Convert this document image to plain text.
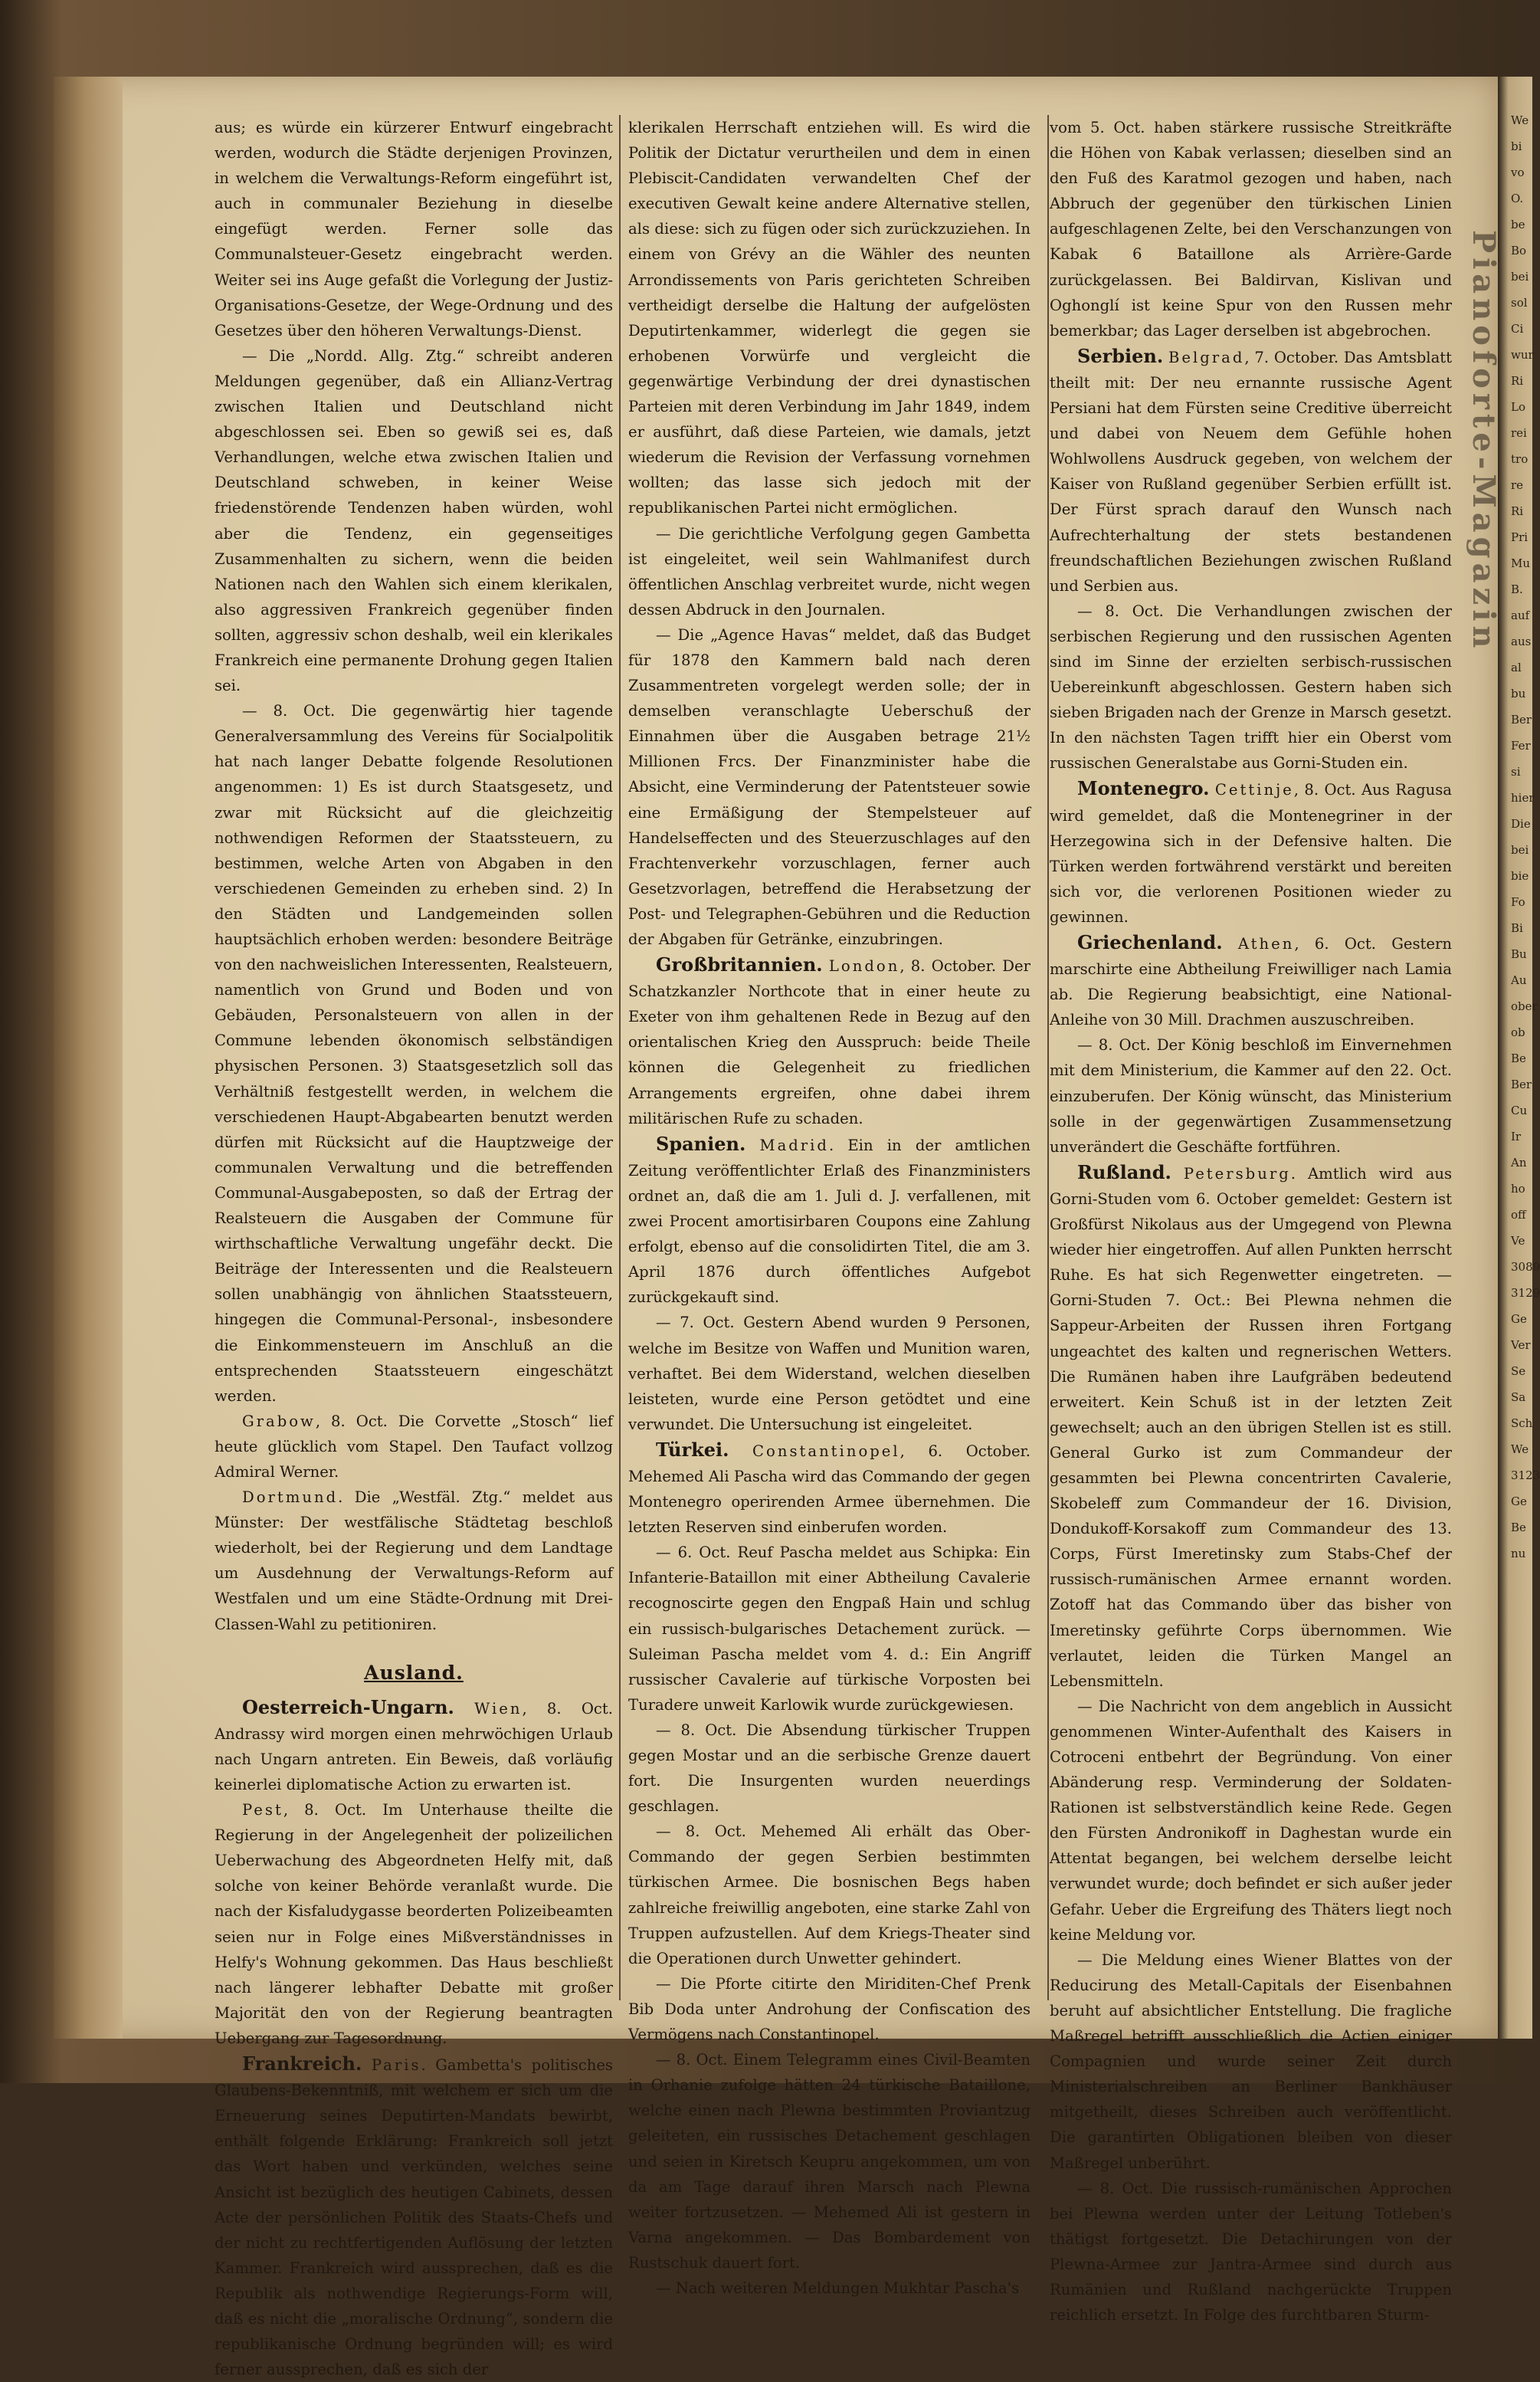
Pianoforte-Magazin

aus; es würde ein kürzerer Entwurf eingebracht werden, wodurch die Städte derjenigen Provinzen, in welchem die Verwaltungs-Reform eingeführt ist, auch in communaler Beziehung in dieselbe eingefügt werden. Ferner solle das Communalsteuer-Gesetz eingebracht werden. Weiter sei ins Auge gefaßt die Vorlegung der Justiz-Organisations-Gesetze, der Wege-Ordnung und des Gesetzes über den höheren Verwaltungs-Dienst.

— Die „Nordd. Allg. Ztg.“ schreibt anderen Meldungen gegenüber, daß ein Allianz-Vertrag zwischen Italien und Deutschland nicht abgeschlossen sei. Eben so gewiß sei es, daß Verhandlungen, welche etwa zwischen Italien und Deutschland schweben, in keiner Weise friedenstörende Tendenzen haben würden, wohl aber die Tendenz, ein gegenseitiges Zusammenhalten zu sichern, wenn die beiden Nationen nach den Wahlen sich einem klerikalen, also aggressiven Frankreich gegenüber finden sollten, aggressiv schon deshalb, weil ein klerikales Frankreich eine permanente Drohung gegen Italien sei.

— 8. Oct. Die gegenwärtig hier tagende Generalversammlung des Vereins für Socialpolitik hat nach langer Debatte folgende Resolutionen angenommen: 1) Es ist durch Staatsgesetz, und zwar mit Rücksicht auf die gleichzeitig nothwendigen Reformen der Staatssteuern, zu bestimmen, welche Arten von Abgaben in den verschiedenen Gemeinden zu erheben sind. 2) In den Städten und Landgemeinden sollen hauptsächlich erhoben werden: besondere Beiträge von den nachweislichen Interessenten, Realsteuern, namentlich von Grund und Boden und von Gebäuden, Personalsteuern von allen in der Commune lebenden ökonomisch selbständigen physischen Personen. 3) Staatsgesetzlich soll das Verhältniß festgestellt werden, in welchem die verschiedenen Haupt-Abgabearten benutzt werden dürfen mit Rücksicht auf die Hauptzweige der communalen Verwaltung und die betreffenden Communal-Ausgabeposten, so daß der Ertrag der Realsteuern die Ausgaben der Commune für wirthschaftliche Verwaltung ungefähr deckt. Die Beiträge der Interessenten und die Realsteuern sollen unabhängig von ähnlichen Staatssteuern, hingegen die Communal-Personal-, insbesondere die Einkommensteuern im Anschluß an die entsprechenden Staatssteuern eingeschätzt werden.

Grabow, 8. Oct. Die Corvette „Stosch“ lief heute glücklich vom Stapel. Den Taufact vollzog Admiral Werner.

Dortmund. Die „Westfäl. Ztg.“ meldet aus Münster: Der westfälische Städtetag beschloß wiederholt, bei der Regierung und dem Landtage um Ausdehnung der Verwaltungs-Reform auf Westfalen und um eine Städte-Ordnung mit Drei-Classen-Wahl zu petitioniren.

Ausland.

Oesterreich-Ungarn. Wien, 8. Oct. Andrassy wird morgen einen mehrwöchigen Urlaub nach Ungarn antreten. Ein Beweis, daß vorläufig keinerlei diplomatische Action zu erwarten ist.

Pest, 8. Oct. Im Unterhause theilte die Regierung in der Angelegenheit der polizeilichen Ueberwachung des Abgeordneten Helfy mit, daß solche von keiner Behörde veranlaßt wurde. Die nach der Kisfaludygasse beorderten Polizeibeamten seien nur in Folge eines Mißverständnisses in Helfy's Wohnung gekommen. Das Haus beschließt nach längerer lebhafter Debatte mit großer Majorität den von der Regierung beantragten Uebergang zur Tagesordnung.

Frankreich. Paris. Gambetta's politisches Glaubens-Bekenntniß, mit welchem er sich um die Erneuerung seines Deputirten-Mandats bewirbt, enthält folgende Erklärung: Frankreich soll jetzt das Wort haben und verkünden, welches seine Ansicht ist bezüglich des heutigen Cabinets, dessen Acte der persönlichen Politik des Staats-Chefs und der nicht zu rechtfertigenden Auflösung der letzten Kammer. Frankreich wird aussprechen, daß es die Republik als nothwendige Regierungs-Form will, daß es nicht die „moralische Ordnung“, sondern die republikanische Ordnung begründen will; es wird ferner aussprechen, daß es sich der

klerikalen Herrschaft entziehen will. Es wird die Politik der Dictatur verurtheilen und dem in einen Plebiscit-Candidaten verwandelten Chef der executiven Gewalt keine andere Alternative stellen, als diese: sich zu fügen oder sich zurückzuziehen. In einem von Grévy an die Wähler des neunten Arrondissements von Paris gerichteten Schreiben vertheidigt derselbe die Haltung der aufgelösten Deputirtenkammer, widerlegt die gegen sie erhobenen Vorwürfe und vergleicht die gegenwärtige Verbindung der drei dynastischen Parteien mit deren Verbindung im Jahr 1849, indem er ausführt, daß diese Parteien, wie damals, jetzt wiederum die Revision der Verfassung vornehmen wollten; das lasse sich jedoch mit der republikanischen Partei nicht ermöglichen.

— Die gerichtliche Verfolgung gegen Gambetta ist eingeleitet, weil sein Wahlmanifest durch öffentlichen Anschlag verbreitet wurde, nicht wegen dessen Abdruck in den Journalen.

— Die „Agence Havas“ meldet, daß das Budget für 1878 den Kammern bald nach deren Zusammentreten vorgelegt werden solle; der in demselben veranschlagte Ueberschuß der Einnahmen über die Ausgaben betrage 21½ Millionen Frcs. Der Finanzminister habe die Absicht, eine Verminderung der Patentsteuer sowie eine Ermäßigung der Stempelsteuer auf Handelseffecten und des Steuerzuschlages auf den Frachtenverkehr vorzuschlagen, ferner auch Gesetzvorlagen, betreffend die Herabsetzung der Post- und Telegraphen-Gebühren und die Reduction der Abgaben für Getränke, einzubringen.

Großbritannien. London, 8. October. Der Schatzkanzler Northcote that in einer heute zu Exeter von ihm gehaltenen Rede in Bezug auf den orientalischen Krieg den Ausspruch: beide Theile können die Gelegenheit zu friedlichen Arrangements ergreifen, ohne dabei ihrem militärischen Rufe zu schaden.

Spanien. Madrid. Ein in der amtlichen Zeitung veröffentlichter Erlaß des Finanzministers ordnet an, daß die am 1. Juli d. J. verfallenen, mit zwei Procent amortisirbaren Coupons eine Zahlung erfolgt, ebenso auf die consolidirten Titel, die am 3. April 1876 durch öffentliches Aufgebot zurückgekauft sind.

— 7. Oct. Gestern Abend wurden 9 Personen, welche im Besitze von Waffen und Munition waren, verhaftet. Bei dem Widerstand, welchen dieselben leisteten, wurde eine Person getödtet und eine verwundet. Die Untersuchung ist eingeleitet.

Türkei. Constantinopel, 6. October. Mehemed Ali Pascha wird das Commando der gegen Montenegro operirenden Armee übernehmen. Die letzten Reserven sind einberufen worden.

— 6. Oct. Reuf Pascha meldet aus Schipka: Ein Infanterie-Bataillon mit einer Abtheilung Cavalerie recognoscirte gegen den Engpaß Hain und schlug ein russisch-bulgarisches Detachement zurück. — Suleiman Pascha meldet vom 4. d.: Ein Angriff russischer Cavalerie auf türkische Vorposten bei Turadere unweit Karlowik wurde zurückgewiesen.

— 8. Oct. Die Absendung türkischer Truppen gegen Mostar und an die serbische Grenze dauert fort. Die Insurgenten wurden neuerdings geschlagen.

— 8. Oct. Mehemed Ali erhält das Ober-Commando der gegen Serbien bestimmten türkischen Armee. Die bosnischen Begs haben zahlreiche freiwillig angeboten, eine starke Zahl von Truppen aufzustellen. Auf dem Kriegs-Theater sind die Operationen durch Unwetter gehindert.

— Die Pforte citirte den Miriditen-Chef Prenk Bib Doda unter Androhung der Confiscation des Vermögens nach Constantinopel.

— 8. Oct. Einem Telegramm eines Civil-Beamten in Orhanie zufolge hätten 24 türkische Bataillone, welche einen nach Plewna bestimmten Proviantzug geleiteten, ein russisches Detachement geschlagen und seien in Kiretsch Keupru angekommen, um von da am Tage darauf ihren Marsch nach Plewna weiter fortzusetzen. — Mehemed Ali ist gestern in Varna angekommen. — Das Bombardement von Rustschuk dauert fort.

— Nach weiteren Meldungen Mukhtar Pascha's

vom 5. Oct. haben stärkere russische Streitkräfte die Höhen von Kabak verlassen; dieselben sind an den Fuß des Karatmol gezogen und haben, nach Abbruch der gegenüber den türkischen Linien aufgeschlagenen Zelte, bei den Verschanzungen von Kabak 6 Bataillone als Arrière-Garde zurückgelassen. Bei Baldirvan, Kislivan und Oghonglí ist keine Spur von den Russen mehr bemerkbar; das Lager derselben ist abgebrochen.

Serbien. Belgrad, 7. October. Das Amtsblatt theilt mit: Der neu ernannte russische Agent Persiani hat dem Fürsten seine Creditive überreicht und dabei von Neuem dem Gefühle hohen Wohlwollens Ausdruck gegeben, von welchem der Kaiser von Rußland gegenüber Serbien erfüllt ist. Der Fürst sprach darauf den Wunsch nach Aufrechterhaltung der stets bestandenen freundschaftlichen Beziehungen zwischen Rußland und Serbien aus.

— 8. Oct. Die Verhandlungen zwischen der serbischen Regierung und den russischen Agenten sind im Sinne der erzielten serbisch-russischen Uebereinkunft abgeschlossen. Gestern haben sich sieben Brigaden nach der Grenze in Marsch gesetzt. In den nächsten Tagen trifft hier ein Oberst vom russischen Generalstabe aus Gorni-Studen ein.

Montenegro. Cettinje, 8. Oct. Aus Ragusa wird gemeldet, daß die Montenegriner in der Herzegowina sich in der Defensive halten. Die Türken werden fortwährend verstärkt und bereiten sich vor, die verlorenen Positionen wieder zu gewinnen.

Griechenland. Athen, 6. Oct. Gestern marschirte eine Abtheilung Freiwilliger nach Lamia ab. Die Regierung beabsichtigt, eine National-Anleihe von 30 Mill. Drachmen auszuschreiben.

— 8. Oct. Der König beschloß im Einvernehmen mit dem Ministerium, die Kammer auf den 22. Oct. einzuberufen. Der König wünscht, das Ministerium solle in der gegenwärtigen Zusammensetzung unverändert die Geschäfte fortführen.

Rußland. Petersburg. Amtlich wird aus Gorni-Studen vom 6. October gemeldet: Gestern ist Großfürst Nikolaus aus der Umgegend von Plewna wieder hier eingetroffen. Auf allen Punkten herrscht Ruhe. Es hat sich Regenwetter eingetreten. — Gorni-Studen 7. Oct.: Bei Plewna nehmen die Sappeur-Arbeiten der Russen ihren Fortgang ungeachtet des kalten und regnerischen Wetters. Die Rumänen haben ihre Laufgräben bedeutend erweitert. Kein Schuß ist in der letzten Zeit gewechselt; auch an den übrigen Stellen ist es still. General Gurko ist zum Commandeur der gesammten bei Plewna concentrirten Cavalerie, Skobeleff zum Commandeur der 16. Division, Dondukoff-Korsakoff zum Commandeur des 13. Corps, Fürst Imeretinsky zum Stabs-Chef der russisch-rumänischen Armee ernannt worden. Zotoff hat das Commando über das bisher von Imeretinsky geführte Corps übernommen. Wie verlautet, leiden die Türken Mangel an Lebensmitteln.

— Die Nachricht von dem angeblich in Aussicht genommenen Winter-Aufenthalt des Kaisers in Cotroceni entbehrt der Begründung. Von einer Abänderung resp. Verminderung der Soldaten-Rationen ist selbstverständlich keine Rede. Gegen den Fürsten Andronikoff in Daghestan wurde ein Attentat begangen, bei welchem derselbe leicht verwundet wurde; doch befindet er sich außer jeder Gefahr. Ueber die Ergreifung des Thäters liegt noch keine Meldung vor.

— Die Meldung eines Wiener Blattes von der Reducirung des Metall-Capitals der Eisenbahnen beruht auf absichtlicher Entstellung. Die fragliche Maßregel betrifft ausschließlich die Actien einiger Compagnien und wurde seiner Zeit durch Ministerialschreiben an Berliner Bankhäuser mitgetheilt, dieses Schreiben auch veröffentlicht. Die garantirten Obligationen bleiben von dieser Maßregel unberührt.

— 8. Oct. Die russisch-rumänischen Approchen bei Plewna werden unter der Leitung Totleben's thätigst fortgesetzt. Die Detachirungen von der Plewna-Armee zur Jantra-Armee sind durch aus Rumänien und Rußland nachgerückte Truppen reichlich ersetzt. In Folge des furchtbaren Sturm-

We
bi
vo
O.
be
Bo
bei
sol
Ci
wur
Ri
Lo
rei
tro
re
Ri
Pri
Mu
B.
auf
aus
al
bu
Ber
Fer
si
hier
Die
bei
bie
Fo
Bi
Bu
Au
ober
ob
Be
Ber
Cu
Ir
An
ho
off
Ve
3089
3129
Ge
Ver
Se
Sa
Sch
We
3123
Ge
Be
nu
